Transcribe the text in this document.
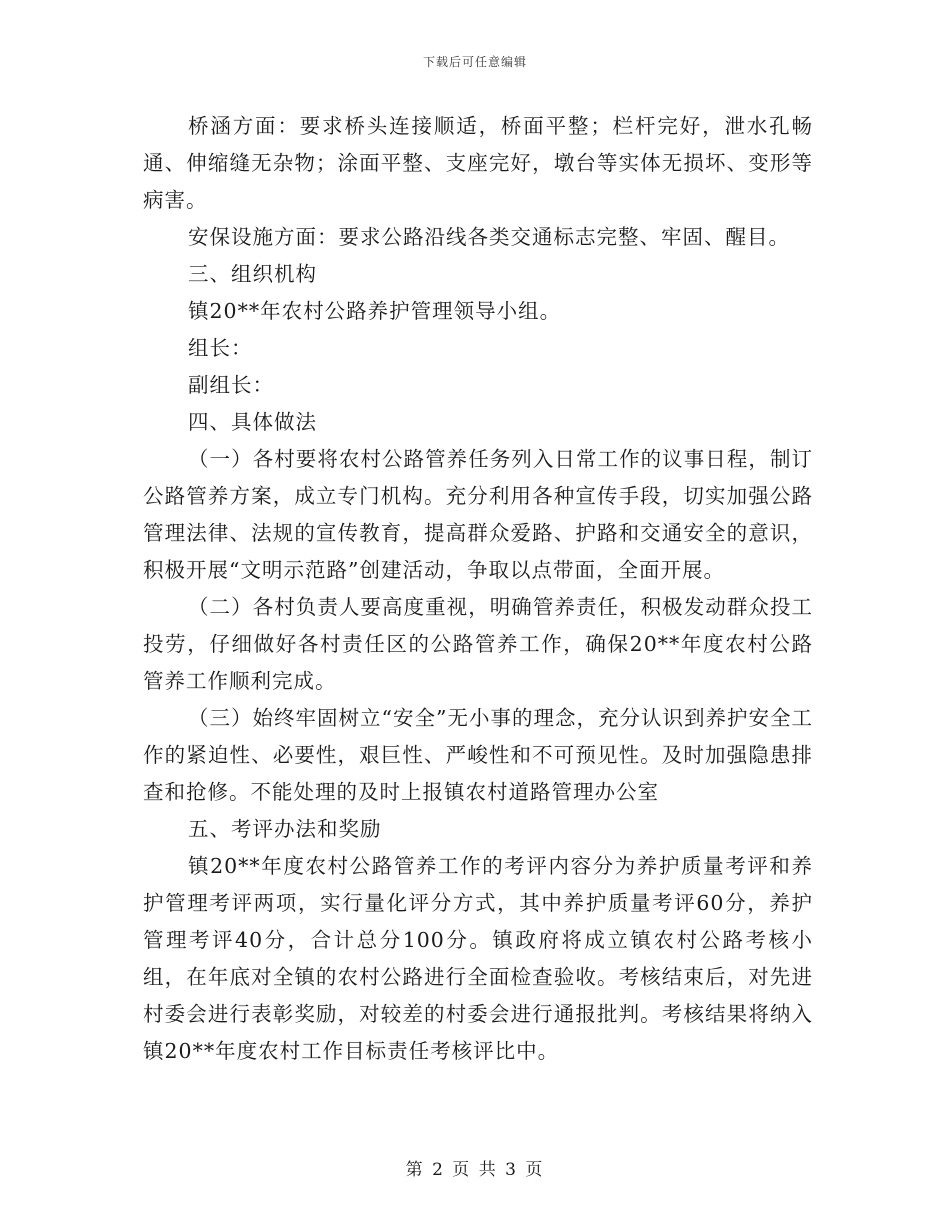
下载后可任意编辑

桥涵方面：要求桥头连接顺适，桥面平整；栏杆完好，泄水孔畅通、伸缩缝无杂物；涂面平整、支座完好，墩台等实体无损坏、变形等病害。

安保设施方面：要求公路沿线各类交通标志完整、牢固、醒目。

三、组织机构

镇20**年农村公路养护管理领导小组。

组长：

副组长：

四、具体做法

（一）各村要将农村公路管养任务列入日常工作的议事日程，制订公路管养方案，成立专门机构。充分利用各种宣传手段，切实加强公路管理法律、法规的宣传教育，提高群众爱路、护路和交通安全的意识，积极开展“文明示范路”创建活动，争取以点带面，全面开展。

（二）各村负责人要高度重视，明确管养责任，积极发动群众投工投劳，仔细做好各村责任区的公路管养工作，确保20**年度农村公路管养工作顺利完成。

（三）始终牢固树立“安全”无小事的理念，充分认识到养护安全工作的紧迫性、必要性，艰巨性、严峻性和不可预见性。及时加强隐患排查和抢修。不能处理的及时上报镇农村道路管理办公室

五、考评办法和奖励

镇20**年度农村公路管养工作的考评内容分为养护质量考评和养护管理考评两项，实行量化评分方式，其中养护质量考评60分，养护管理考评40分，合计总分100分。镇政府将成立镇农村公路考核小组，在年底对全镇的农村公路进行全面检查验收。考核结束后，对先进村委会进行表彰奖励，对较差的村委会进行通报批判。考核结果将纳入镇20**年度农村工作目标责任考核评比中。

第 2 页 共 3 页
